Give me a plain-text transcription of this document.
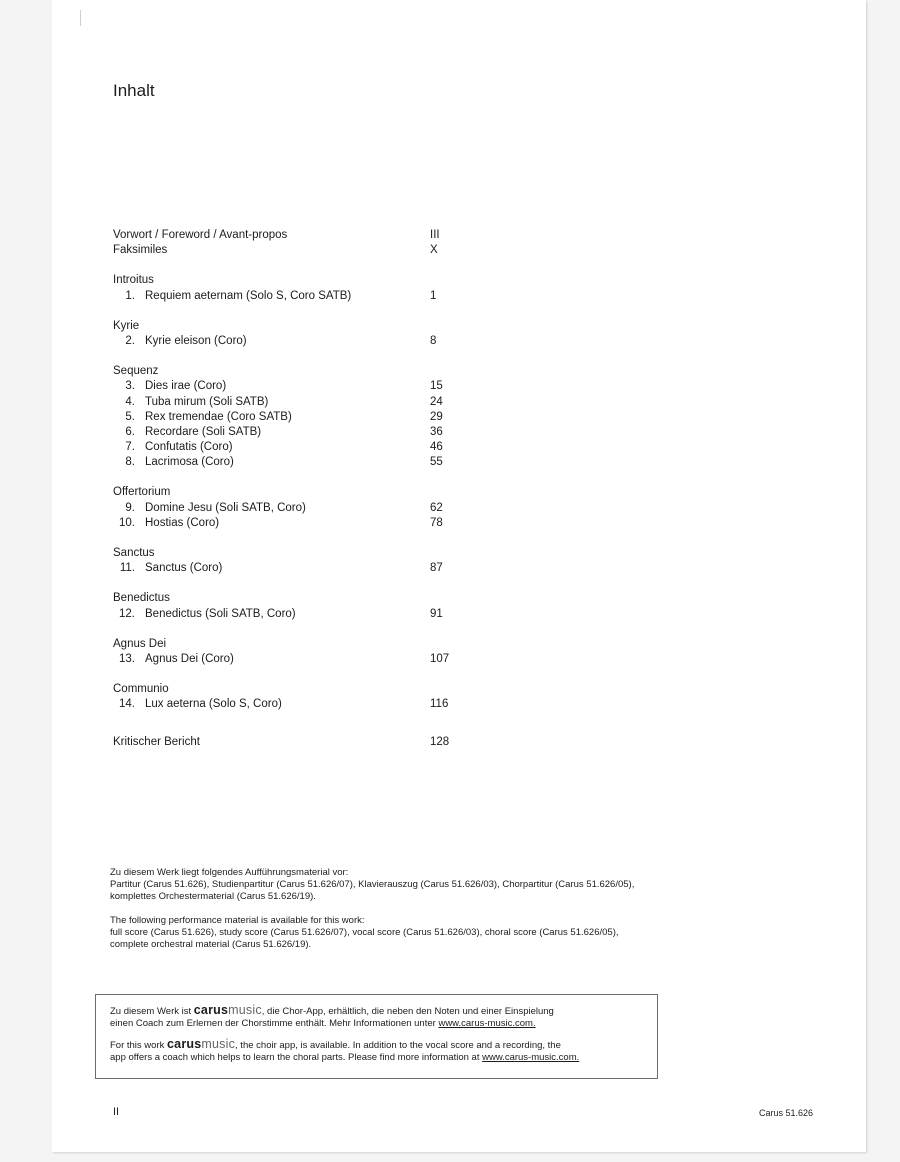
Inhalt
Vorwort / Foreword / Avant-propos	III
Faksimiles	X
Introitus
1. Requiem aeternam (Solo S, Coro SATB)	1
Kyrie
2. Kyrie eleison (Coro)	8
Sequenz
3. Dies irae (Coro)	15
4. Tuba mirum (Soli SATB)	24
5. Rex tremendae (Coro SATB)	29
6. Recordare (Soli SATB)	36
7. Confutatis (Coro)	46
8. Lacrimosa (Coro)	55
Offertorium
9. Domine Jesu (Soli SATB, Coro)	62
10. Hostias (Coro)	78
Sanctus
11. Sanctus (Coro)	87
Benedictus
12. Benedictus (Soli SATB, Coro)	91
Agnus Dei
13. Agnus Dei (Coro)	107
Communio
14. Lux aeterna (Solo S, Coro)	116
Kritischer Bericht	128

Zu diesem Werk liegt folgendes Aufführungsmaterial vor:
Partitur (Carus 51.626), Studienpartitur (Carus 51.626/07), Klavierauszug (Carus 51.626/03), Chorpartitur (Carus 51.626/05),
komplettes Orchestermaterial (Carus 51.626/19).

The following performance material is available for this work:
full score (Carus 51.626), study score (Carus 51.626/07), vocal score (Carus 51.626/03), choral score (Carus 51.626/05),
complete orchestral material (Carus 51.626/19).

Zu diesem Werk ist carusmusic, die Chor-App, erhältlich, die neben den Noten und einer Einspielung
einen Coach zum Erlernen der Chorstimme enthält. Mehr Informationen unter www.carus-music.com.

For this work carusmusic, the choir app, is available. In addition to the vocal score and a recording, the
app offers a coach which helps to learn the choral parts. Please find more information at www.carus-music.com.

II	Carus 51.626
